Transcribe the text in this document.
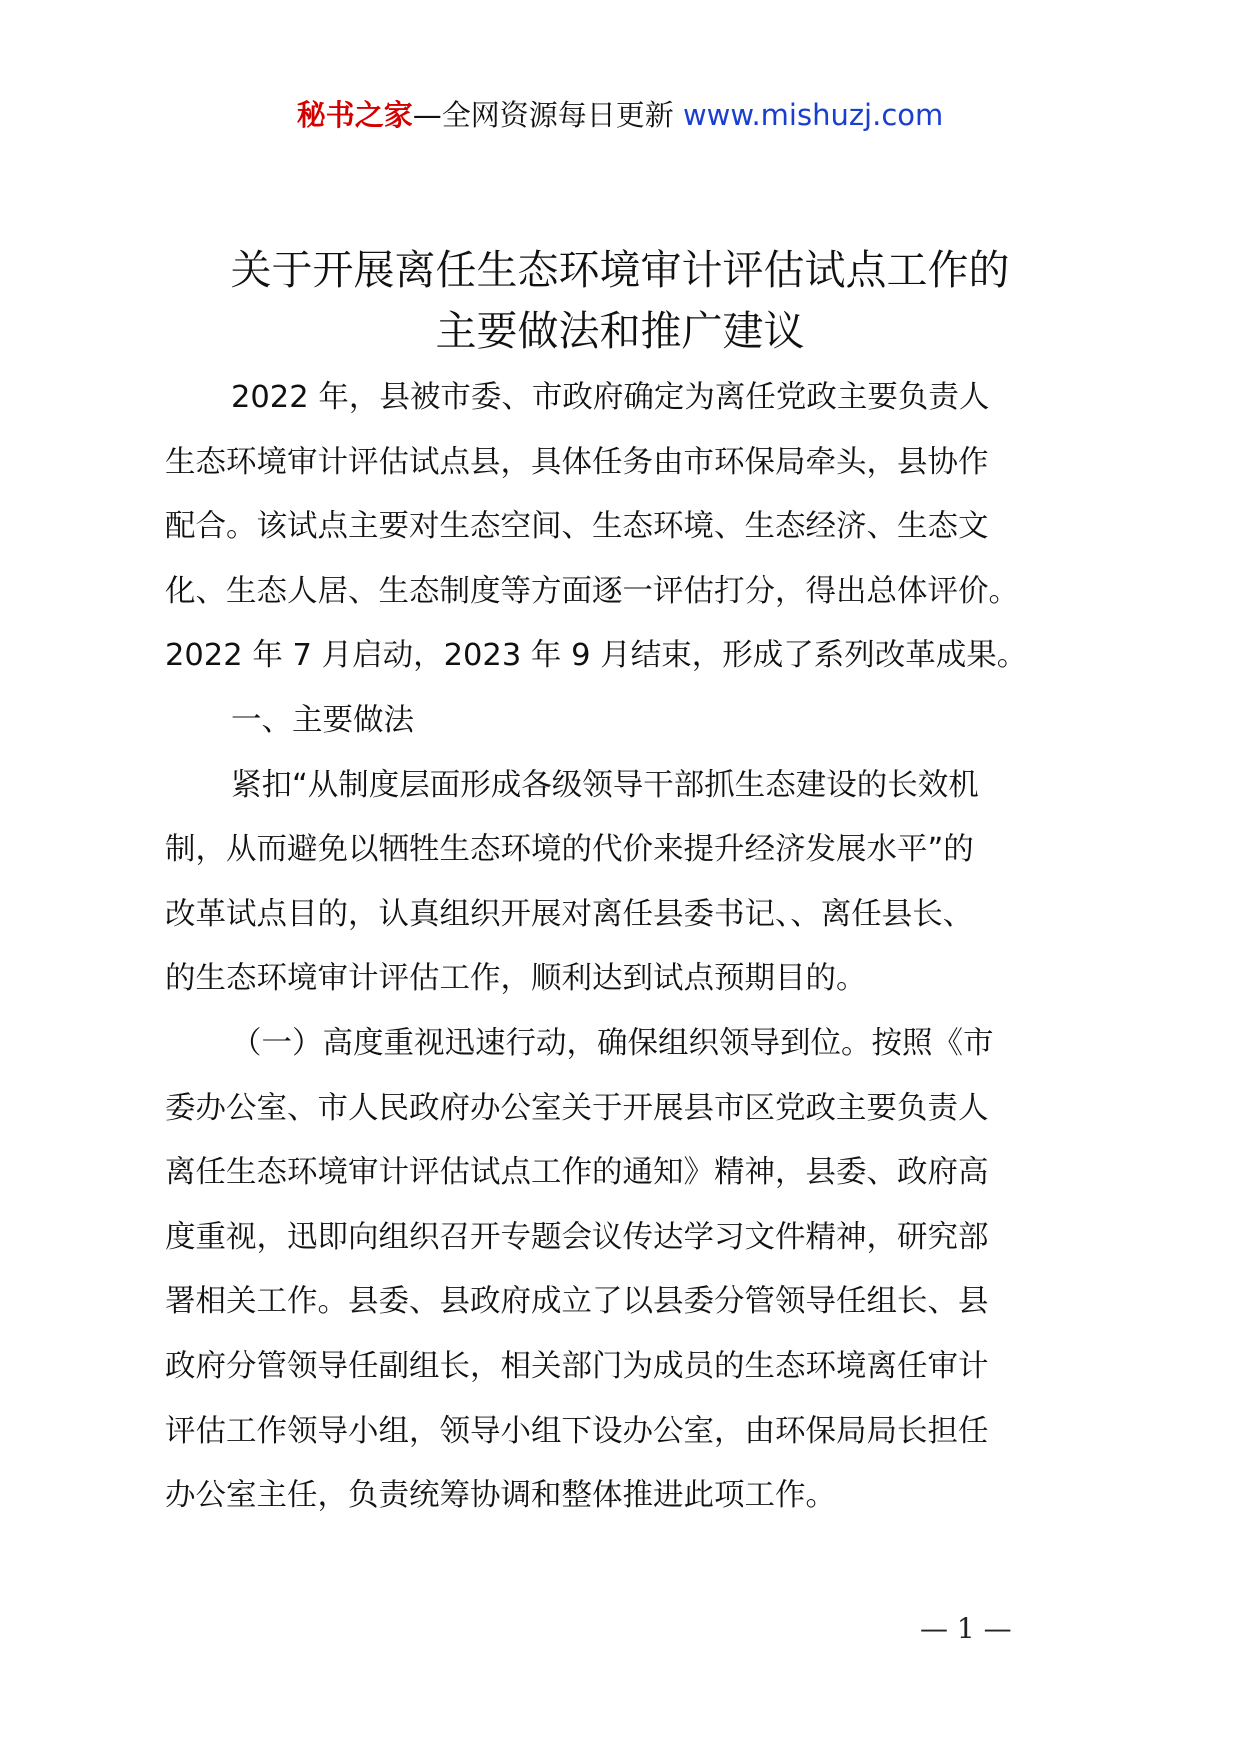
秘书之家—全网资源每日更新 www.mishuzj.com
关于开展离任生态环境审计评估试点工作的
主要做法和推广建议
2022 年，县被市委、市政府确定为离任党政主要负责人
生态环境审计评估试点县，具体任务由市环保局牵头，县协作
配合。该试点主要对生态空间、生态环境、生态经济、生态文
化、生态人居、生态制度等方面逐一评估打分，得出总体评价。
2022 年 7 月启动，2023 年 9 月结束，形成了系列改革成果。
一、主要做法
紧扣“从制度层面形成各级领导干部抓生态建设的长效机
制，从而避免以牺牲生态环境的代价来提升经济发展水平”的
改革试点目的，认真组织开展对离任县委书记、、离任县长、
的生态环境审计评估工作，顺利达到试点预期目的。
（一）高度重视迅速行动，确保组织领导到位。按照《市
委办公室、市人民政府办公室关于开展县市区党政主要负责人
离任生态环境审计评估试点工作的通知》精神，县委、政府高
度重视，迅即向组织召开专题会议传达学习文件精神，研究部
署相关工作。县委、县政府成立了以县委分管领导任组长、县
政府分管领导任副组长，相关部门为成员的生态环境离任审计
评估工作领导小组，领导小组下设办公室，由环保局局长担任
办公室主任，负责统筹协调和整体推进此项工作。
— 1 —
